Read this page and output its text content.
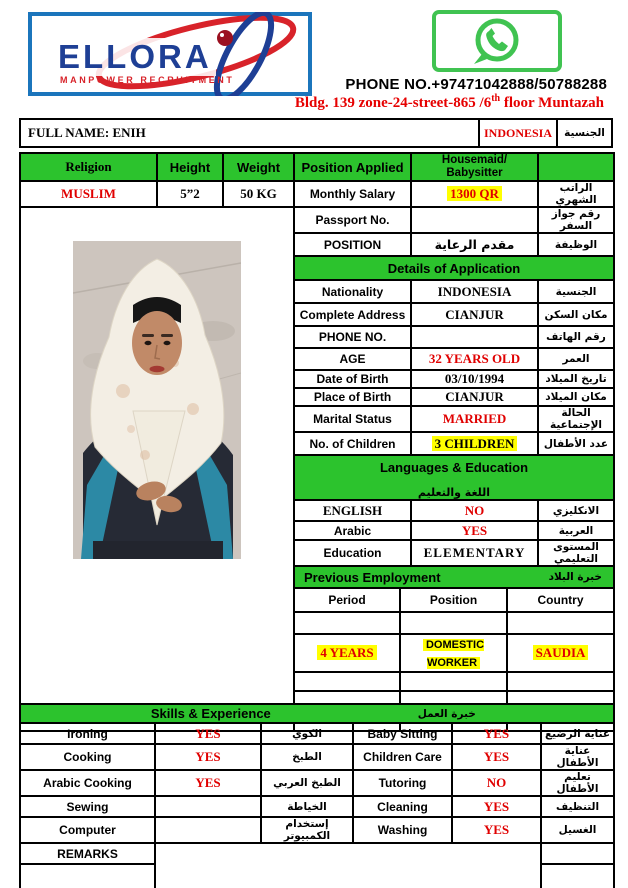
ELLORA
MANPOWER RECRUITMENT	PHONE NO.+97471042888/50788288
Bldg. 139 zone-24-street-865 /6th floor Muntazah
FULL NAME: ENIH	INDONESIA	الجنسية
Religion	Height	Weight	Position Applied	Housemaid/
Babysitter

MUSLIM	5”2	50 KG	Monthly Salary	1300 QR	الراتب الشهري

	Passport No.		رقم جواز السفر
POSITION	مقدم الرعاية	الوظيفة
Details of Application
Nationality	INDONESIA	الجنسية
Complete Address	CIANJUR	مكان السكن
PHONE NO.		رقم الهاتف
AGE	32 YEARS OLD	العمر
Date of Birth	03/10/1994	تاريخ الميلاد
Place of Birth	CIANJUR	مكان الميلاد
Marital Status	MARRIED	الحالة الإجتماعية
No. of Children	3 CHILDREN	عدد الأطفال

Languages & Education
اللغة والتعليم

ENGLISH	NO	الانكليزي
Arabic	YES	العربية
Education	ELEMENTARY	المستوى التعليمي

Previous Employment	خبرة البلاد

Period	Position	Country

4 YEARS	DOMESTIC WORKER	SAUDIA

Skills & Experience خبرة العمل					

Ironing	YES	الكوي	Baby Sitting	YES	عناية الرضيع
Cooking	YES	الطبخ	Children Care	YES	عناية الأطفال
Arabic Cooking	YES	الطبخ العربي	Tutoring	NO	تعليم الأطفال
Sewing		الخياطة	Cleaning	YES	التنظيف
Computer		إستخدام الكمبيوتر	Washing	YES	الغسيل
REMARKS					
